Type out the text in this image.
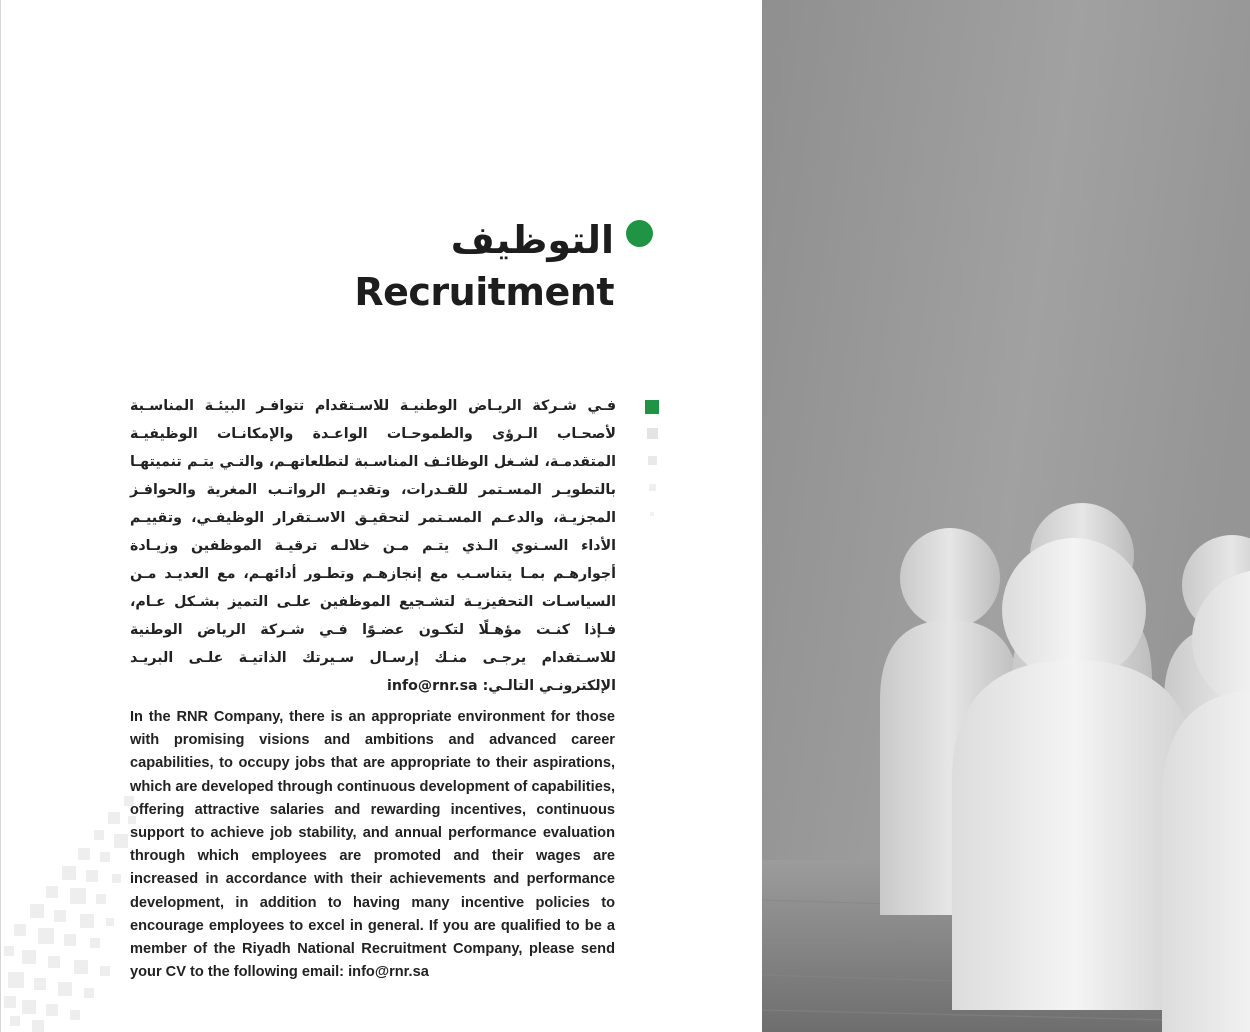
التوظيف
Recruitment
فـي شـركة الريـاض الوطنيـة للاسـتقدام تتوافـر البيئـة المناسـبة لأصحـاب الـرؤى والطموحـات الواعـدة والإمكانـات الوظيفيـة المتقدمـة، لشـغل الوظائـف المناسـبة لتطلعاتهـم، والتـي يتـم تنميتهـا بالتطويـر المسـتمر للقـدرات، وتقديـم الرواتـب المغرية والحوافـز المجزيـة، والدعـم المسـتمر لتحقيـق الاسـتقرار الوظيفـي، وتقييـم الأداء السـنوي الـذي يتـم مـن خلالـه ترقيـة الموظفين وزيـادة أجوارهـم بمـا يتناسـب مع إنجازهـم وتطـور أدائهـم، مع العديـد مـن السياسـات التحفيزيـة لتشـجيع الموظفين علـى التميز بشـكل عـام، فـإذا كنـت مؤهـلًا لتكـون عضـوًا فـي شـركة الرياض الوطنية للاسـتقدام يرجـى منـك إرسـال سـيرتك الذاتيـة علـى البريـد الإلكترونـي التالـي: info@rnr.sa
In the RNR Company, there is an appropriate environment for those with promising visions and ambitions and advanced career capabilities, to occupy jobs that are appropriate to their aspirations, which are developed through continuous development of capabilities, offering attractive salaries and rewarding incentives, continuous support to achieve job stability, and annual performance evaluation through which employees are promoted and their wages are increased in accordance with their achievements and performance development, in addition to having many incentive policies to encourage employees to excel in general. If you are qualified to be a member of the Riyadh National Recruitment Company, please send your CV to the following email: info@rnr.sa
